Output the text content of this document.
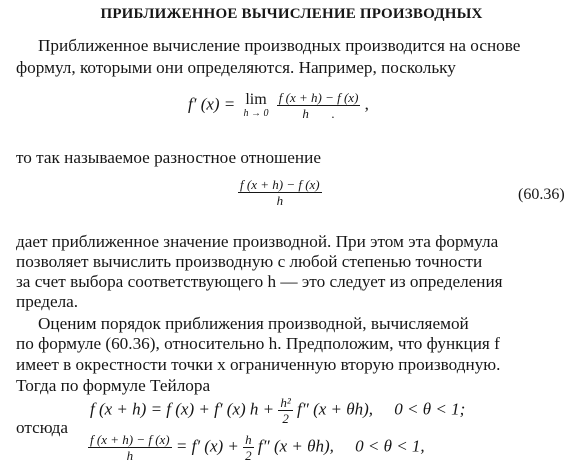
ПРИБЛИЖЕННОЕ ВЫЧИСЛЕНИЕ ПРОИЗВОДНЫХ
Приближенное вычисление производных производится на основе
формул, которыми они определяются. Например, поскольку
f′ (x) = lim
h → 0
$\frac{f (x + h) - f (x)}{h .}$ ,
то так называемое разностное отношение
$\frac{f (x + h) - f (x)}{h}$	(60.36)
дает приближенное значение производной. При этом эта формула
позволяет вычислить производную с любой степенью точности
за счет выбора соответствующего h — это следует из определения
предела.
Оценим порядок приближения производной, вычисляемой
по формуле (60.36), относительно h. Предположим, что функция f
имеет в окрестности точки x ограниченную вторую производную.
Тогда по формуле Тейлора
f (x + h) = f (x) + f′ (x) $h + \frac{\text{h²}}{2} f''$ (x + θh), 0 < θ < 1;
отсюда
$\frac{f (x + h) - f (x)}{h} = f'$ $(x) + \frac{h}{2} f''$ (x + θh), 0 < θ < 1,
